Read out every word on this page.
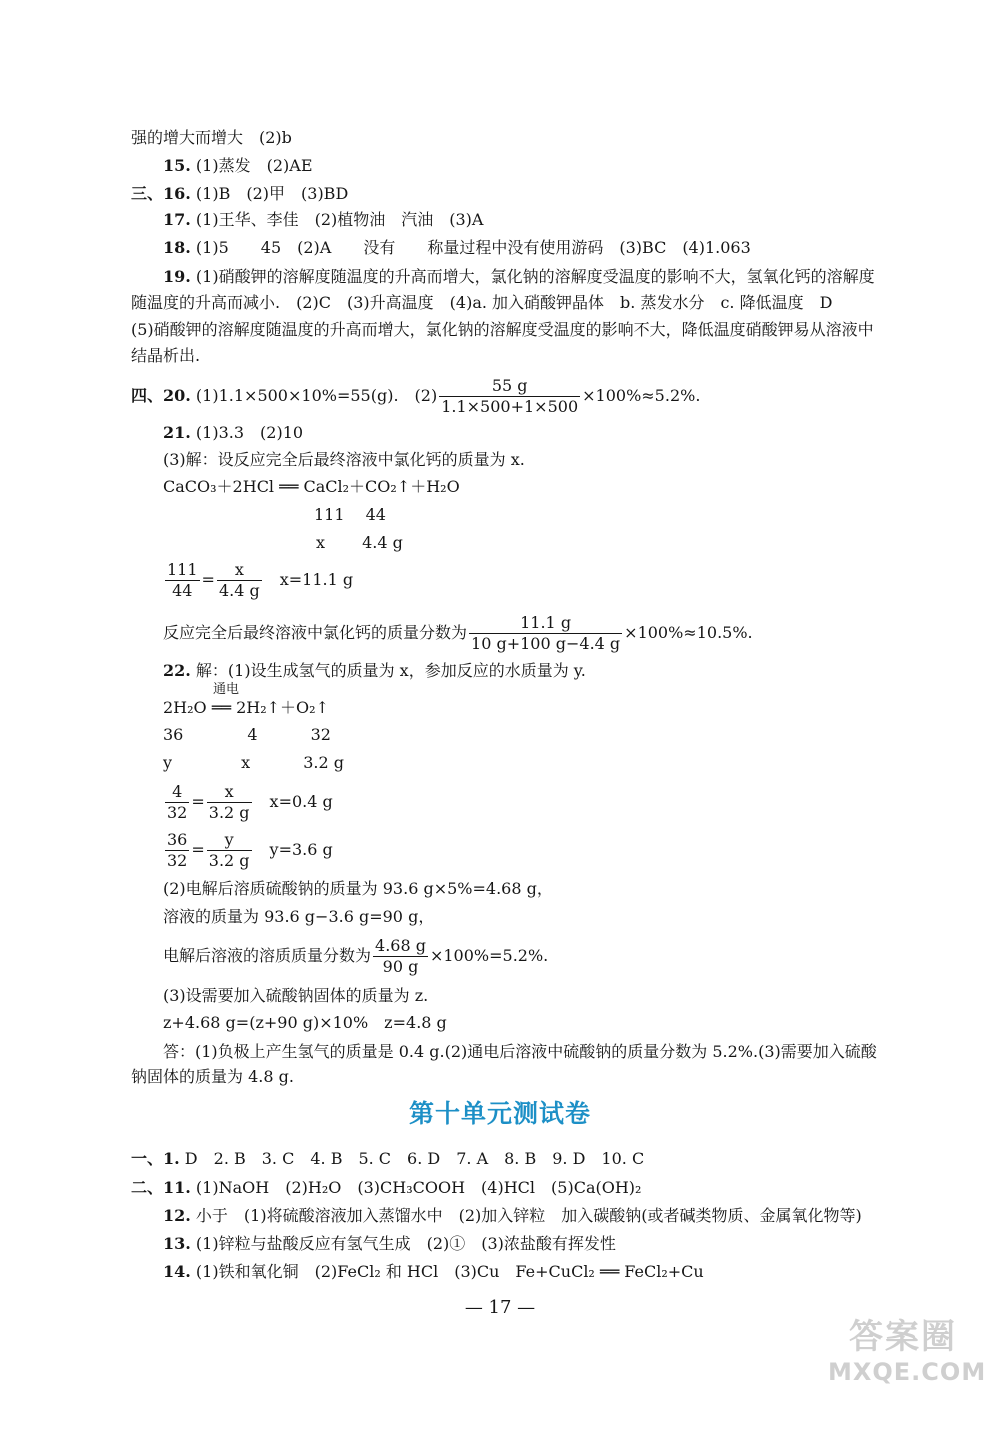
强的增大而增大　(2)b
15. (1)蒸发　(2)AE
三、16. (1)B　(2)甲　(3)BD
17. (1)王华、李佳　(2)植物油　汽油　(3)A
18. (1)5　　45　(2)A　　没有　　称量过程中没有使用游码　(3)BC　(4)1.063
19. (1)硝酸钾的溶解度随温度的升高而增大，氯化钠的溶解度受温度的影响不大，氢氧化钙的溶解度
随温度的升高而减小.　(2)C　(3)升高温度　(4)a. 加入硝酸钾晶体　b. 蒸发水分　c. 降低温度　D
(5)硝酸钾的溶解度随温度的升高而增大，氯化钠的溶解度受温度的影响不大，降低温度硝酸钾易从溶液中
结晶析出.
四、20. (1)1.1×500×10%=55(g).　$(2) \frac{55 g}{1.1\times 500+1\times 500} \times 100\%\approx 5.2\%$.
21. (1)3.3　(2)10
(3)解：设反应完全后最终溶液中氯化钙的质量为 x.
CaCO₃＋2HCl ══ CaCl₂＋CO₂↑＋H₂O
111　 44
x　　 4.4 g
$\frac{111}{44} = \frac{x}{4.4 g}$ 　x=11.1 g
反应完全后最终溶液中氯化钙的质量分数为 $\frac{11.1 g}{10 g+100 g-4.4 g} \times 100\%\approx 10.5\%$.
22. 解：(1)设生成氢气的质量为 x，参加反应的水质量为 y.
通电
2H₂O ══ 2H₂↑＋O₂↑
36　　　　4　　　 32
y　　　　 x　　　 3.2 g
$\frac{4}{32} = \frac{x}{3.2 g}$ 　x=0.4 g
$\frac{36}{32} = \frac{y}{3.2 g}$ 　y=3.6 g
(2)电解后溶质硫酸钠的质量为 93.6 g×5%=4.68 g，
溶液的质量为 93.6 g−3.6 g=90 g，
电解后溶液的溶质质量分数为 $\frac{4.68 g}{90 g} \times 100\%=5.2\%$.
(3)设需要加入硫酸钠固体的质量为 z.
z+4.68 g=(z+90 g)×10%　z=4.8 g
答：(1)负极上产生氢气的质量是 0.4 g.(2)通电后溶液中硫酸钠的质量分数为 5.2%.(3)需要加入硫酸
钠固体的质量为 4.8 g.
第十单元测试卷
一、1. D　2. B　3. C　4. B　5. C　6. D　7. A　8. B　9. D　10. C
二、11. (1)NaOH　(2)H₂O　(3)CH₃COOH　(4)HCl　(5)Ca(OH)₂
12. 小于　(1)将硫酸溶液加入蒸馏水中　(2)加入锌粒　加入碳酸钠(或者碱类物质、金属氧化物等)
13. (1)锌粒与盐酸反应有氢气生成　(2)①　(3)浓盐酸有挥发性
14. (1)铁和氧化铜　(2)FeCl₂ 和 HCl　(3)Cu　Fe+CuCl₂ ══ FeCl₂+Cu
— 17 —
答案圈
MXQE.COM
